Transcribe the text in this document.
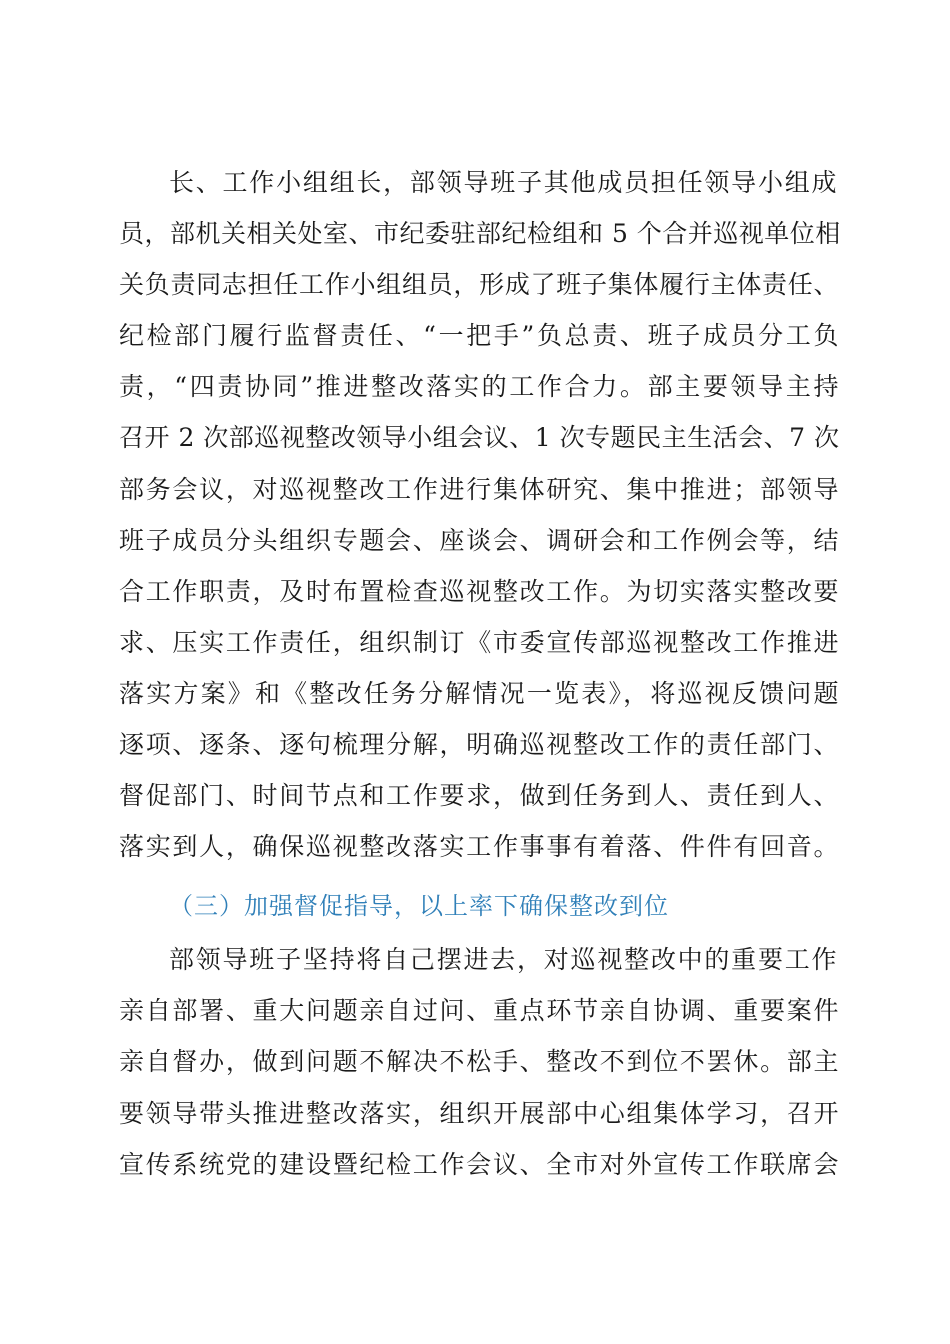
长、工作小组组长，部领导班子其他成员担任领导小组成
员，部机关相关处室、市纪委驻部纪检组和 5 个合并巡视单位相
关负责同志担任工作小组组员，形成了班子集体履行主体责任、
纪检部门履行监督责任、“一把手”负总责、班子成员分工负
责，“四责协同”推进整改落实的工作合力。部主要领导主持
召开 2 次部巡视整改领导小组会议、1 次专题民主生活会、7 次
部务会议，对巡视整改工作进行集体研究、集中推进；部领导
班子成员分头组织专题会、座谈会、调研会和工作例会等，结
合工作职责，及时布置检查巡视整改工作。为切实落实整改要
求、压实工作责任，组织制订《市委宣传部巡视整改工作推进
落实方案》和《整改任务分解情况一览表》，将巡视反馈问题
逐项、逐条、逐句梳理分解，明确巡视整改工作的责任部门、
督促部门、时间节点和工作要求，做到任务到人、责任到人、
落实到人，确保巡视整改落实工作事事有着落、件件有回音。
（三）加强督促指导，以上率下确保整改到位
部领导班子坚持将自己摆进去，对巡视整改中的重要工作
亲自部署、重大问题亲自过问、重点环节亲自协调、重要案件
亲自督办，做到问题不解决不松手、整改不到位不罢休。部主
要领导带头推进整改落实，组织开展部中心组集体学习，召开
宣传系统党的建设暨纪检工作会议、全市对外宣传工作联席会
